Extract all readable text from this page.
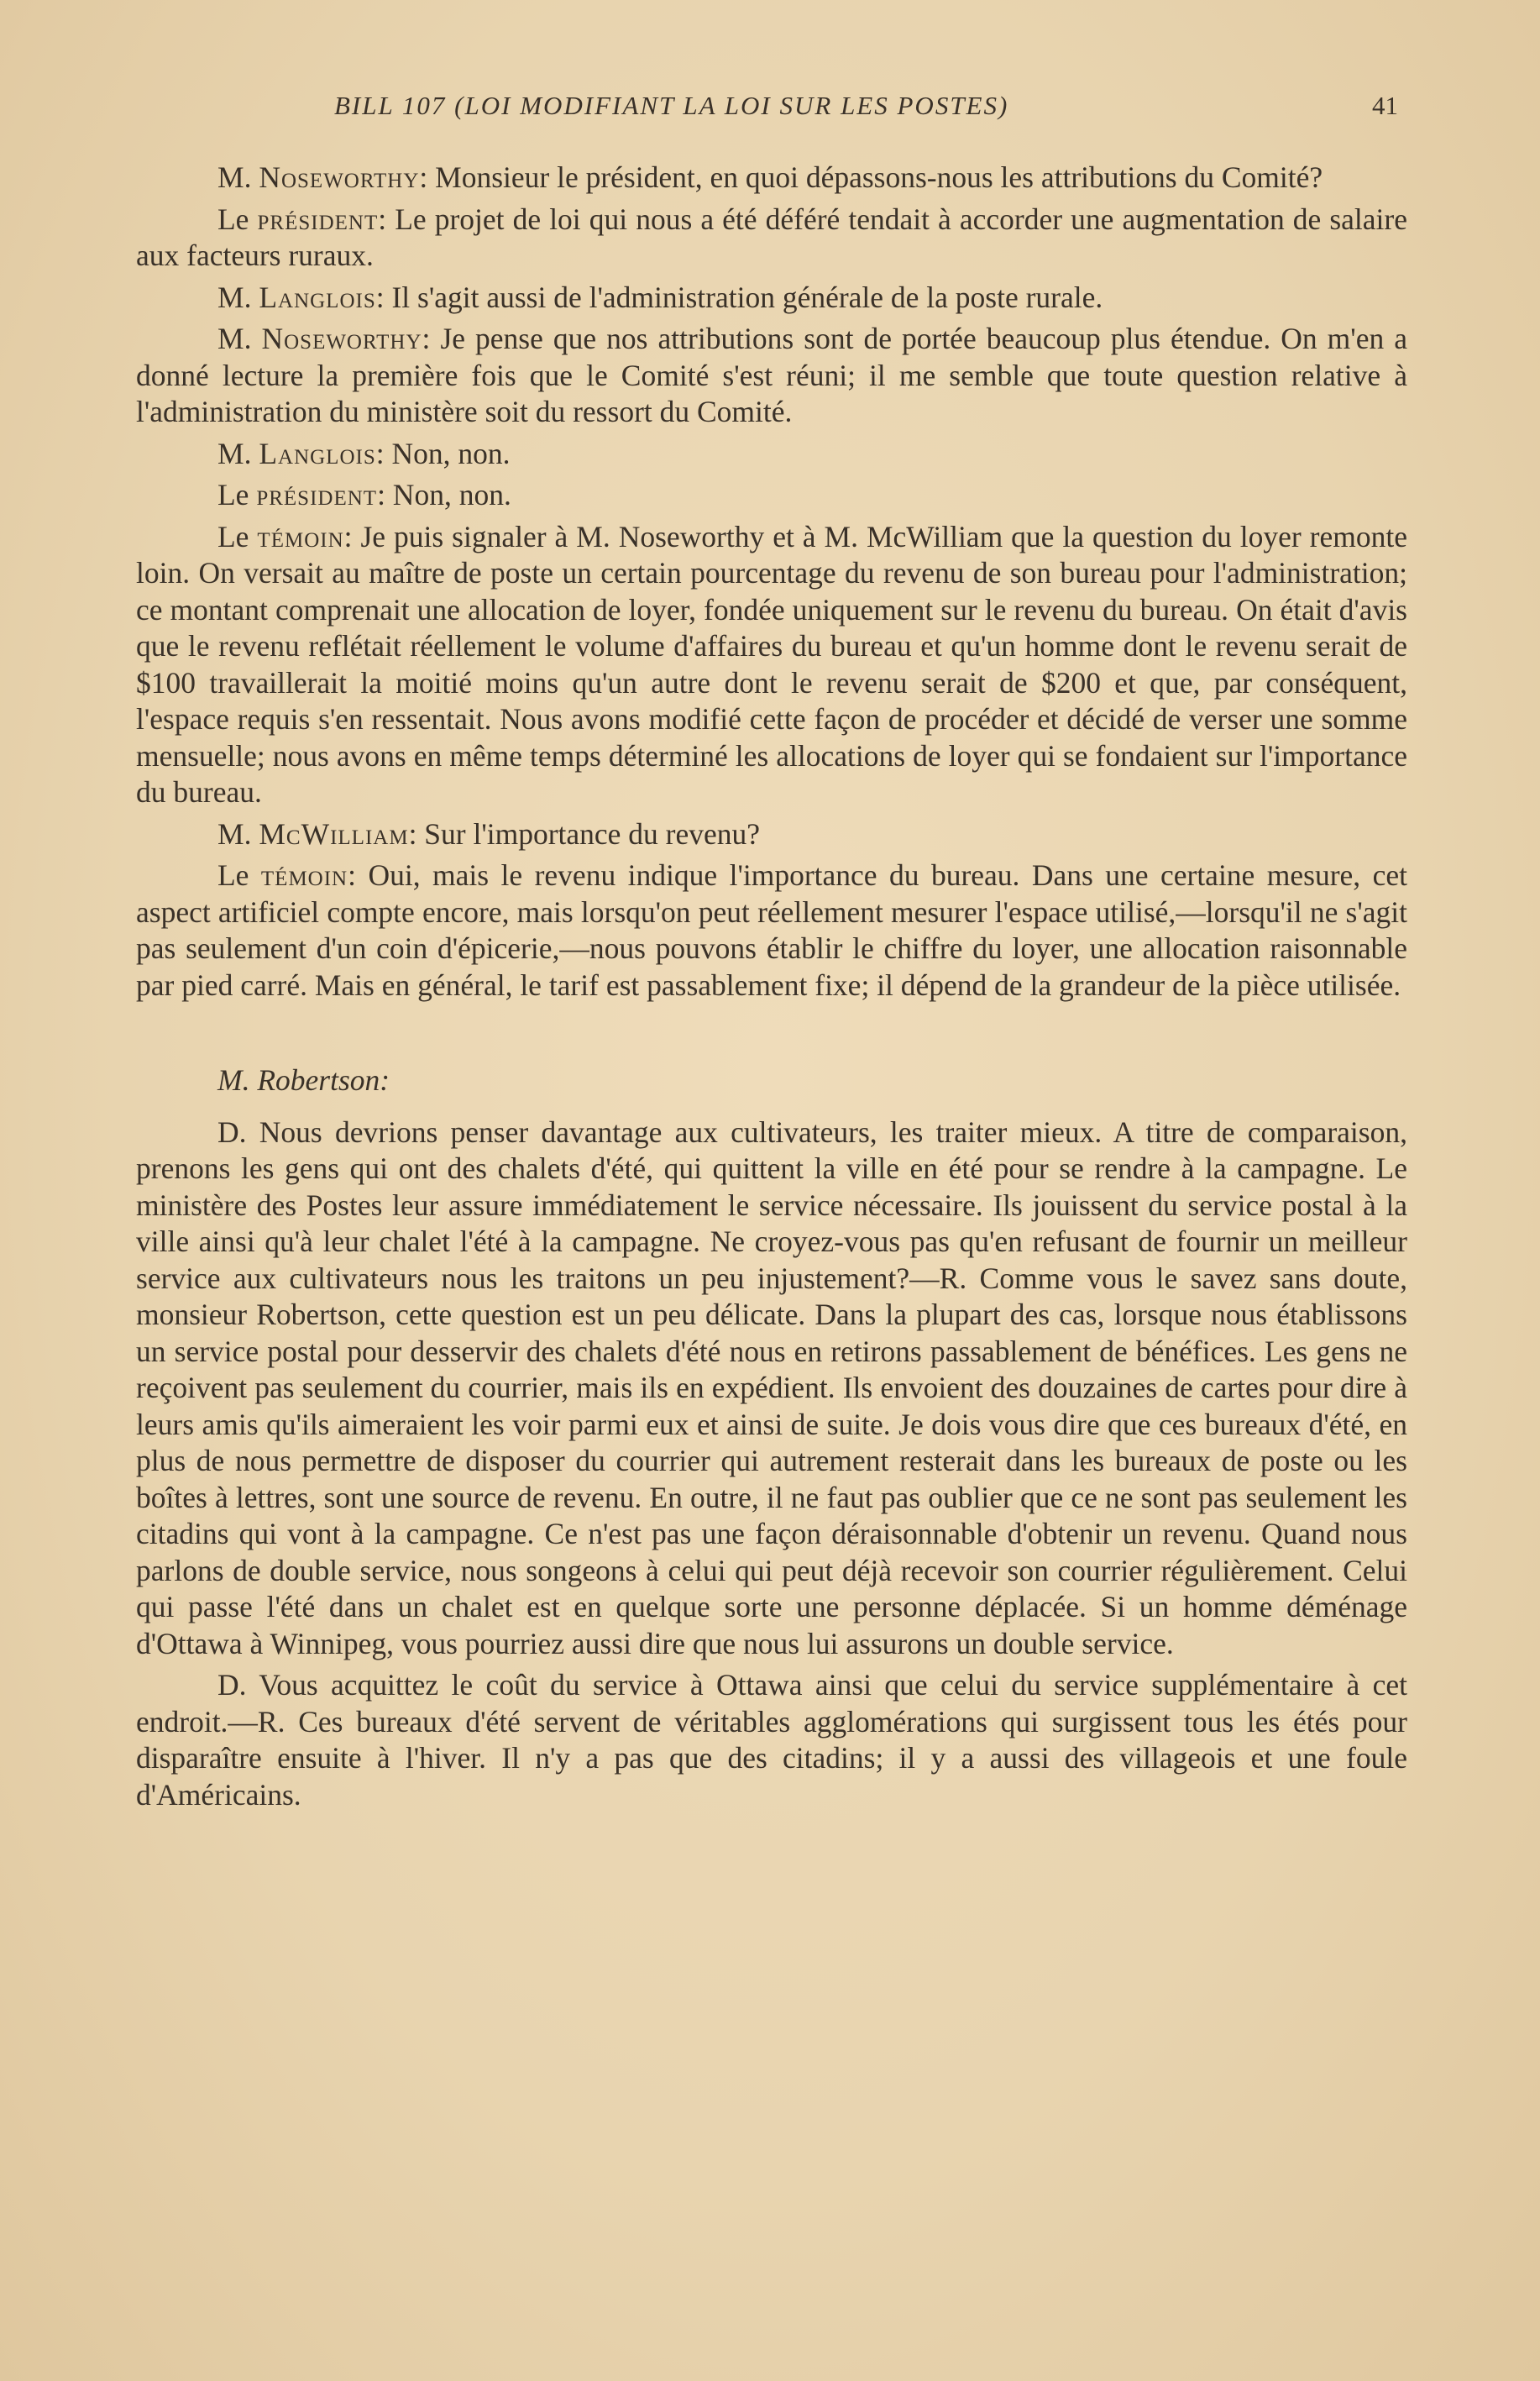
BILL 107 (LOI MODIFIANT LA LOI SUR LES POSTES)	41

M. Noseworthy: Monsieur le président, en quoi dépassons-nous les attributions du Comité?

Le président: Le projet de loi qui nous a été déféré tendait à accorder une augmentation de salaire aux facteurs ruraux.

M. Langlois: Il s'agit aussi de l'administration générale de la poste rurale.

M. Noseworthy: Je pense que nos attributions sont de portée beaucoup plus étendue. On m'en a donné lecture la première fois que le Comité s'est réuni; il me semble que toute question relative à l'administration du ministère soit du ressort du Comité.

M. Langlois: Non, non.

Le président: Non, non.

Le témoin: Je puis signaler à M. Noseworthy et à M. McWilliam que la question du loyer remonte loin. On versait au maître de poste un certain pourcentage du revenu de son bureau pour l'administration; ce montant comprenait une allocation de loyer, fondée uniquement sur le revenu du bureau. On était d'avis que le revenu reflétait réellement le volume d'affaires du bureau et qu'un homme dont le revenu serait de $100 travaillerait la moitié moins qu'un autre dont le revenu serait de $200 et que, par conséquent, l'espace requis s'en ressentait. Nous avons modifié cette façon de procéder et décidé de verser une somme mensuelle; nous avons en même temps déterminé les allocations de loyer qui se fondaient sur l'importance du bureau.

M. McWilliam: Sur l'importance du revenu?

Le témoin: Oui, mais le revenu indique l'importance du bureau. Dans une certaine mesure, cet aspect artificiel compte encore, mais lorsqu'on peut réellement mesurer l'espace utilisé,—lorsqu'il ne s'agit pas seulement d'un coin d'épicerie,—nous pouvons établir le chiffre du loyer, une allocation raisonnable par pied carré. Mais en général, le tarif est passablement fixe; il dépend de la grandeur de la pièce utilisée.

M. Robertson:

D. Nous devrions penser davantage aux cultivateurs, les traiter mieux. A titre de comparaison, prenons les gens qui ont des chalets d'été, qui quittent la ville en été pour se rendre à la campagne. Le ministère des Postes leur assure immédiatement le service nécessaire. Ils jouissent du service postal à la ville ainsi qu'à leur chalet l'été à la campagne. Ne croyez-vous pas qu'en refusant de fournir un meilleur service aux cultivateurs nous les traitons un peu injustement?—R. Comme vous le savez sans doute, monsieur Robertson, cette question est un peu délicate. Dans la plupart des cas, lorsque nous établissons un service postal pour desservir des chalets d'été nous en retirons passablement de bénéfices. Les gens ne reçoivent pas seulement du courrier, mais ils en expédient. Ils envoient des douzaines de cartes pour dire à leurs amis qu'ils aimeraient les voir parmi eux et ainsi de suite. Je dois vous dire que ces bureaux d'été, en plus de nous permettre de disposer du courrier qui autrement resterait dans les bureaux de poste ou les boîtes à lettres, sont une source de revenu. En outre, il ne faut pas oublier que ce ne sont pas seulement les citadins qui vont à la campagne. Ce n'est pas une façon déraisonnable d'obtenir un revenu. Quand nous parlons de double service, nous songeons à celui qui peut déjà recevoir son courrier régulièrement. Celui qui passe l'été dans un chalet est en quelque sorte une personne déplacée. Si un homme déménage d'Ottawa à Winnipeg, vous pourriez aussi dire que nous lui assurons un double service.

D. Vous acquittez le coût du service à Ottawa ainsi que celui du service supplémentaire à cet endroit.—R. Ces bureaux d'été servent de véritables agglomérations qui surgissent tous les étés pour disparaître ensuite à l'hiver. Il n'y a pas que des citadins; il y a aussi des villageois et une foule d'Américains.
